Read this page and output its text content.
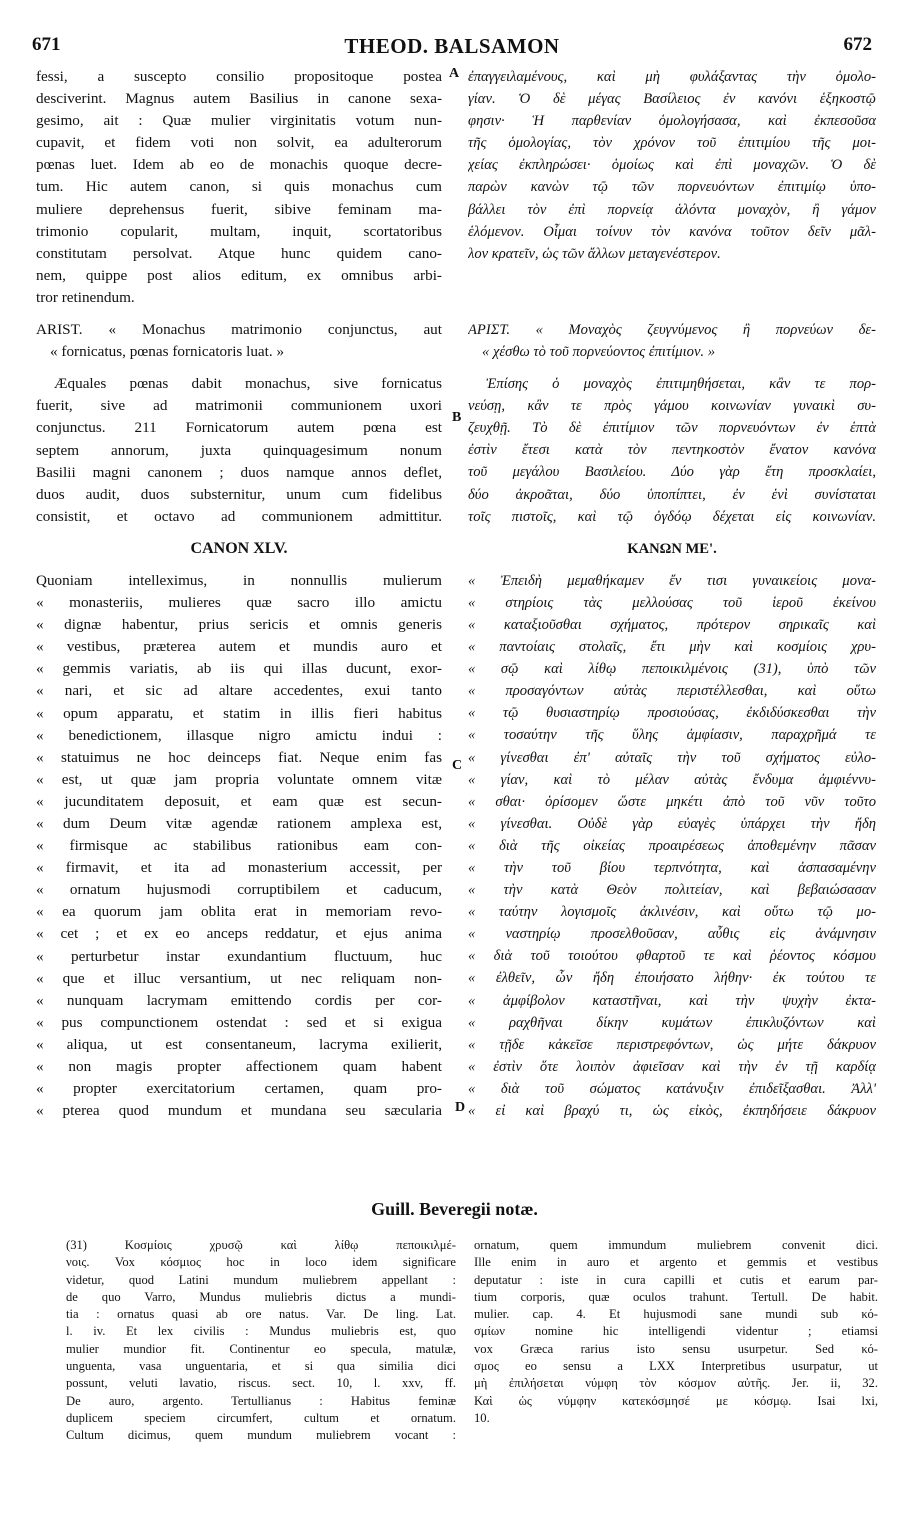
671	THEOD. BALSAMON	672
A
B
C
D
fessi, a suscepto consilio propositoque postea
desciverint. Magnus autem Basilius in canone sexa-
gesimo, ait : Quæ mulier virginitatis votum nun-
cupavit, et fidem voti non solvit, ea adulterorum
pœnas luet. Idem ab eo de monachis quoque decre-
tum. Hic autem canon, si quis monachus cum
muliere deprehensus fuerit, sibive feminam ma-
trimonio copularit, multam, inquit, scortatoribus
constitutam persolvat. Atque hunc quidem cano-
nem, quippe post alios editum, ex omnibus arbi-
tror retinendum.
ARIST. « Monachus matrimonio conjunctus, aut
« fornicatus, pœnas fornicatoris luat. »
Æquales pœnas dabit monachus, sive fornicatus
fuerit, sive ad matrimonii communionem uxori
conjunctus. 211 Fornicatorum autem pœna est
septem annorum, juxta quinquagesimum nonum
Basilii magni canonem ; duos namque annos deflet,
duos audit, duos substernitur, unum cum fidelibus
consistit, et octavo ad communionem admittitur.
CANON XLV.
Quoniam intelleximus, in nonnullis mulierum
« monasteriis, mulieres quæ sacro illo amictu
« dignæ habentur, prius sericis et omnis generis
« vestibus, præterea autem et mundis auro et
« gemmis variatis, ab iis qui illas ducunt, exor-
« nari, et sic ad altare accedentes, exui tanto
« opum apparatu, et statim in illis fieri habitus
« benedictionem, illasque nigro amictu indui :
« statuimus ne hoc deinceps fiat. Neque enim fas
« est, ut quæ jam propria voluntate omnem vitæ
« jucunditatem deposuit, et eam quæ est secun-
« dum Deum vitæ agendæ rationem amplexa est,
« firmisque ac stabilibus rationibus eam con-
« firmavit, et ita ad monasterium accessit, per
« ornatum hujusmodi corruptibilem et caducum,
« ea quorum jam oblita erat in memoriam revo-
« cet ; et ex eo anceps reddatur, et ejus anima
« perturbetur instar exundantium fluctuum, huc
« que et illuc versantium, ut nec reliquam non-
« nunquam lacrymam emittendo cordis per cor-
« pus compunctionem ostendat : sed et si exigua
« aliqua, ut est consentaneum, lacryma exilierit,
« non magis propter affectionem quam habent
« propter exercitatorium certamen, quam pro-
« pterea quod mundum et mundana seu sæcularia
ἐπαγγειλαμένους, καὶ μὴ φυλάξαντας τὴν ὁμολο-
γίαν. Ὁ δὲ μέγας Βασίλειος ἐν κανόνι ἑξηκοστῷ
φησιν· Ἡ παρθενίαν ὁμολογήσασα, καὶ ἐκπεσοῦσα
τῆς ὁμολογίας, τὸν χρόνον τοῦ ἐπιτιμίου τῆς μοι-
χείας ἐκπληρώσει· ὁμοίως καὶ ἐπὶ μοναχῶν. Ὁ δὲ
παρὼν κανὼν τῷ τῶν πορνευόντων ἐπιτιμίῳ ὑπο-
βάλλει τὸν ἐπὶ πορνείᾳ ἁλόντα μοναχὸν, ἢ γάμον
ἑλόμενον. Οἶμαι τοίνυν τὸν κανόνα τοῦτον δεῖν μᾶλ-
λον κρατεῖν, ὡς τῶν ἄλλων μεταγενέστερον.
ΑΡΙΣΤ. « Μοναχὸς ζευγνύμενος ἢ πορνεύων δε-
« χέσθω τὸ τοῦ πορνεύοντος ἐπιτίμιον. »
Ἐπίσης ὁ μοναχὸς ἐπιτιμηθήσεται, κἂν τε πορ-
νεύσῃ, κἂν τε πρὸς γάμου κοινωνίαν γυναικὶ συ-
ζευχθῇ. Τὸ δὲ ἐπιτίμιον τῶν πορνευόντων ἐν ἑπτὰ
ἐστὶν ἔτεσι κατὰ τὸν πεντηκοστὸν ἔνατον κανόνα
τοῦ μεγάλου Βασιλείου. Δύο γὰρ ἔτη προσκλαίει,
δύο ἀκροᾶται, δύο ὑποπίπτει, ἐν ἑνὶ συνίσταται
τοῖς πιστοῖς, καὶ τῷ ὀγδόῳ δέχεται εἰς κοινωνίαν.
ΚΑΝΩΝ ΜΕ'.
« Ἐπειδὴ μεμαθήκαμεν ἔν τισι γυναικείοις μονα-
« στηρίοις τὰς μελλούσας τοῦ ἱεροῦ ἐκείνου
« καταξιοῦσθαι σχήματος, πρότερον σηρικαῖς καὶ
« παντοίαις στολαῖς, ἔτι μὴν καὶ κοσμίοις χρυ-
« σῷ καὶ λίθῳ πεποικιλμένοις (31), ὑπὸ τῶν
« προσαγόντων αὐτὰς περιστέλλεσθαι, καὶ οὕτω
« τῷ θυσιαστηρίῳ προσιούσας, ἐκδιδύσκεσθαι τὴν
« τοσαύτην τῆς ὕλης ἀμφίασιν, παραχρῆμά τε
« γίνεσθαι ἐπ' αὐταῖς τὴν τοῦ σχήματος εὐλο-
« γίαν, καὶ τὸ μέλαν αὐτὰς ἔνδυμα ἀμφιέννυ-
« σθαι· ὁρίσομεν ὥστε μηκέτι ἀπὸ τοῦ νῦν τοῦτο
« γίνεσθαι. Οὐδὲ γὰρ εὐαγὲς ὑπάρχει τὴν ἤδη
« διὰ τῆς οἰκείας προαιρέσεως ἀποθεμένην πᾶσαν
« τὴν τοῦ βίου τερπνότητα, καὶ ἀσπασαμένην
« τὴν κατὰ Θεὸν πολιτείαν, καὶ βεβαιώσασαν
« ταύτην λογισμοῖς ἀκλινέσιν, καὶ οὕτω τῷ μο-
« ναστηρίῳ προσελθοῦσαν, αὖθις εἰς ἀνάμνησιν
« διὰ τοῦ τοιούτου φθαρτοῦ τε καὶ ῥέοντος κόσμου
« ἐλθεῖν, ὧν ἤδη ἐποιήσατο λήθην· ἐκ τούτου τε
« ἀμφίβολον καταστῆναι, καὶ τὴν ψυχὴν ἐκτα-
« ραχθῆναι δίκην κυμάτων ἐπικλυζόντων καὶ
« τῇδε κἀκεῖσε περιστρεφόντων, ὡς μήτε δάκρυον
« ἐστὶν ὅτε λοιπὸν ἀφιεῖσαν καὶ τὴν ἐν τῇ καρδίᾳ
« διὰ τοῦ σώματος κατάνυξιν ἐπιδεῖξασθαι. Ἀλλ'
« εἰ καὶ βραχύ τι, ὡς εἰκὸς, ἐκπηδήσειε δάκρυον
Guill. Beveregii notæ.
(31) Κοσμίοις χρυσῷ καὶ λίθῳ πεποικιλμέ-
νοις. Vox κόσμιος hoc in loco idem significare
videtur, quod Latini mundum muliebrem appellant :
de quo Varro, Mundus muliebris dictus a mundi-
tia : ornatus quasi ab ore natus. Var. De ling. Lat.
l. iv. Et lex civilis : Mundus muliebris est, quo
mulier mundior fit. Continentur eo specula, matulæ,
unguenta, vasa unguentaria, et si qua similia dici
possunt, veluti lavatio, riscus. sect. 10, l. xxv, ff.
De auro, argento. Tertullianus : Habitus feminæ
duplicem speciem circumfert, cultum et ornatum.
Cultum dicimus, quem mundum muliebrem vocant :
ornatum, quem immundum muliebrem convenit dici.
Ille enim in auro et argento et gemmis et vestibus
deputatur : iste in cura capilli et cutis et earum par-
tium corporis, quæ oculos trahunt. Tertull. De habit.
mulier. cap. 4. Et hujusmodi sane mundi sub κό-
σμίων nomine hic intelligendi videntur ; etiamsi
vox Græca rarius isto sensu usurpetur. Sed κό-
σμος eo sensu a LXX Interpretibus usurpatur, ut
μὴ ἐπιλήσεται νύμφη τὸν κόσμον αὐτῆς. Jer. ii, 32.
Καὶ ὡς νύμφην κατεκόσμησέ με κόσμῳ. Isai lxi,
10.
